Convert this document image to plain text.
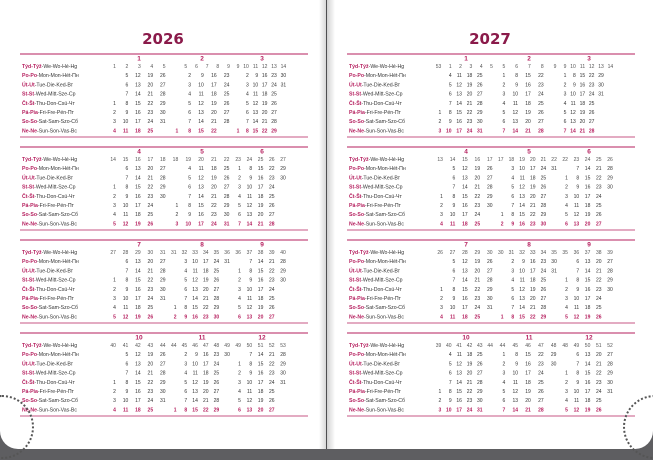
2026
Týd-Týž-We-Wo-Hé-Hg
Po-Po-Mon-Mon-Hét-Пн
Út-Ut-Tue-Die-Ked-Вт
St-St-Wed-Mitt-Sze-Ср
Čt-Št-Thu-Don-Csü-Чт
Pá-Pia-Fri-Fre-Pén-Пт
So-So-Sat-Sam-Szo-Сб
Ne-Ne-Sun-Son-Vas-Вс
1
1 2 3 4 5
5 12 19 26
6 13 20 27
7 14 21 28
1 8 15 22 29
2 9 16 23 30
3 10 17 24 31
4 11 18 25
2
5 6 7 8 9
2 9 16 23
3 10 17 24
4 11 18 25
5 12 19 26
6 13 20 27
7 14 21 28
1 8 15 22
3
9 10 11 12 13 14
2 9 16 23 30
3 10 17 24 31
4 11 18 25
5 12 19 26
6 13 20 27
7 14 21 28
1 8 15 22 29
Týd-Týž-We-Wo-Hé-Hg
Po-Po-Mon-Mon-Hét-Пн
Út-Ut-Tue-Die-Ked-Вт
St-St-Wed-Mitt-Sze-Ср
Čt-Št-Thu-Don-Csü-Чт
Pá-Pia-Fri-Fre-Pén-Пт
So-So-Sat-Sam-Szo-Сб
Ne-Ne-Sun-Son-Vas-Вс
4
14 15 16 17 18
6 13 20 27
7 14 21 28
1 8 15 22 29
2 9 16 23 30
3 10 17 24
4 11 18 25
5 12 19 26
5
18 19 20 21 22
4 11 18 25
5 12 19 26
6 13 20 27
7 14 21 28
1 8 15 22 29
2 9 16 23 30
3 10 17 24 31
6
23 24 25 26 27
1 8 15 22 29
2 9 16 23 30
3 10 17 24
4 11 18 25
5 12 19 26
6 13 20 27
7 14 21 28
Týd-Týž-We-Wo-Hé-Hg
Po-Po-Mon-Mon-Hét-Пн
Út-Ut-Tue-Die-Ked-Вт
St-St-Wed-Mitt-Sze-Ср
Čt-Št-Thu-Don-Csü-Чт
Pá-Pia-Fri-Fre-Pén-Пт
So-So-Sat-Sam-Szo-Сб
Ne-Ne-Sun-Son-Vas-Вс
7
27 28 29 30 31
6 13 20 27
7 14 21 28
1 8 15 22 29
2 9 16 23 30
3 10 17 24 31
4 11 18 25
5 12 19 26
8
31 32 33 34 35 36
3 10 17 24 31
4 11 18 25
5 12 19 26
6 13 20 27
7 14 21 28
1 8 15 22 29
2 9 16 23 30
9
36 37 38 39 40
7 14 21 28
1 8 15 22 29
2 9 16 23 30
3 10 17 24
4 11 18 25
5 12 19 26
6 13 20 27
Týd-Týž-We-Wo-Hé-Hg
Po-Po-Mon-Mon-Hét-Пн
Út-Ut-Tue-Die-Ked-Вт
St-St-Wed-Mitt-Sze-Ср
Čt-Št-Thu-Don-Csü-Чт
Pá-Pia-Fri-Fre-Pén-Пт
So-So-Sat-Sam-Szo-Сб
Ne-Ne-Sun-Son-Vas-Вс
10
40 41 42 43 44
5 12 19 26
6 13 20 27
7 14 21 28
1 8 15 22 29
2 9 16 23 30
3 10 17 24 31
4 11 18 25
11
44 45 46 47 48 49
2 9 16 23 30
3 10 17 24
4 11 18 25
5 12 19 26
6 13 20 27
7 14 21 28
1 8 15 22 29
12
49 50 51 52 53
7 14 21 28
1 8 15 22 29
2 9 16 23 30
3 10 17 24 31
4 11 18 25
5 12 19 26
6 13 20 27
2027
Týd-Týž-We-Wo-Hé-Hg
Po-Po-Mon-Mon-Hét-Пн
Út-Ut-Tue-Die-Ked-Вт
St-St-Wed-Mitt-Sze-Ср
Čt-Št-Thu-Don-Csü-Чт
Pá-Pia-Fri-Fre-Pén-Пт
So-So-Sat-Sam-Szo-Сб
Ne-Ne-Sun-Son-Vas-Вс
1
53 1 2 3 4 5
4 11 18 25
5 12 19 26
6 13 20 27
7 14 21 28
1 8 15 22 29
2 9 16 23 30
3 10 17 24 31
2
5 6 7 8 9
1 8 15 22
2 9 16 23
3 10 17 24
4 11 18 25
5 12 19 26
6 13 20 27
7 14 21 28
3
9 10 11 12 13 14
1 8 15 22 29
2 9 16 23 30
3 10 17 24 31
4 11 18 25
5 12 19 26
6 13 20 27
7 14 21 28
Týd-Týž-We-Wo-Hé-Hg
Po-Po-Mon-Mon-Hét-Пн
Út-Ut-Tue-Die-Ked-Вт
St-St-Wed-Mitt-Sze-Ср
Čt-Št-Thu-Don-Csü-Чт
Pá-Pia-Fri-Fre-Pén-Пт
So-So-Sat-Sam-Szo-Сб
Ne-Ne-Sun-Son-Vas-Вс
4
13 14 15 16 17
5 12 19 26
6 13 20 27
7 14 21 28
1 8 15 22 29
2 9 16 23 30
3 10 17 24
4 11 18 25
5
17 18 19 20 21 22
3 10 17 24 31
4 11 18 25
5 12 19 26
6 13 20 27
7 14 21 28
1 8 15 22 29
2 9 16 23 30
6
22 23 24 25 26
7 14 21 28
1 8 15 22 29
2 9 16 23 30
3 10 17 24
4 11 18 25
5 12 19 26
6 13 20 27
Týd-Týž-We-Wo-Hé-Hg
Po-Po-Mon-Mon-Hét-Пн
Út-Ut-Tue-Die-Ked-Вт
St-St-Wed-Mitt-Sze-Ср
Čt-Št-Thu-Don-Csü-Чт
Pá-Pia-Fri-Fre-Pén-Пт
So-So-Sat-Sam-Szo-Сб
Ne-Ne-Sun-Son-Vas-Вс
7
26 27 28 29 30
5 12 19 26
6 13 20 27
7 14 21 28
1 8 15 22 29
2 9 16 23 30
3 10 17 24 31
4 11 18 25
8
30 31 32 33 34 35
2 9 16 23 30
3 10 17 24 31
4 11 18 25
5 12 19 26
6 13 20 27
7 14 21 28
1 8 15 22 29
9
35 36 37 38 39
6 13 20 27
7 14 21 28
1 8 15 22 29
2 9 16 23 30
3 10 17 24
4 11 18 25
5 12 19 26
Týd-Týž-We-Wo-Hé-Hg
Po-Po-Mon-Mon-Hét-Пн
Út-Ut-Tue-Die-Ked-Вт
St-St-Wed-Mitt-Sze-Ср
Čt-Št-Thu-Don-Csü-Чт
Pá-Pia-Fri-Fre-Pén-Пт
So-So-Sat-Sam-Szo-Сб
Ne-Ne-Sun-Son-Vas-Вс
10
39 40 41 42 43 44
4 11 18 25
5 12 19 26
6 13 20 27
7 14 21 28
1 8 15 22 29
2 9 16 23 30
3 10 17 24 31
11
44 45 46 47 48
1 8 15 22 29
2 9 16 23 30
3 10 17 24
4 11 18 25
5 12 19 26
6 13 20 27
7 14 21 28
12
48 49 50 51 52
6 13 20 27
7 14 21 28
1 8 15 22 29
2 9 16 23 30
3 10 17 24 31
4 11 18 25
5 12 19 26
